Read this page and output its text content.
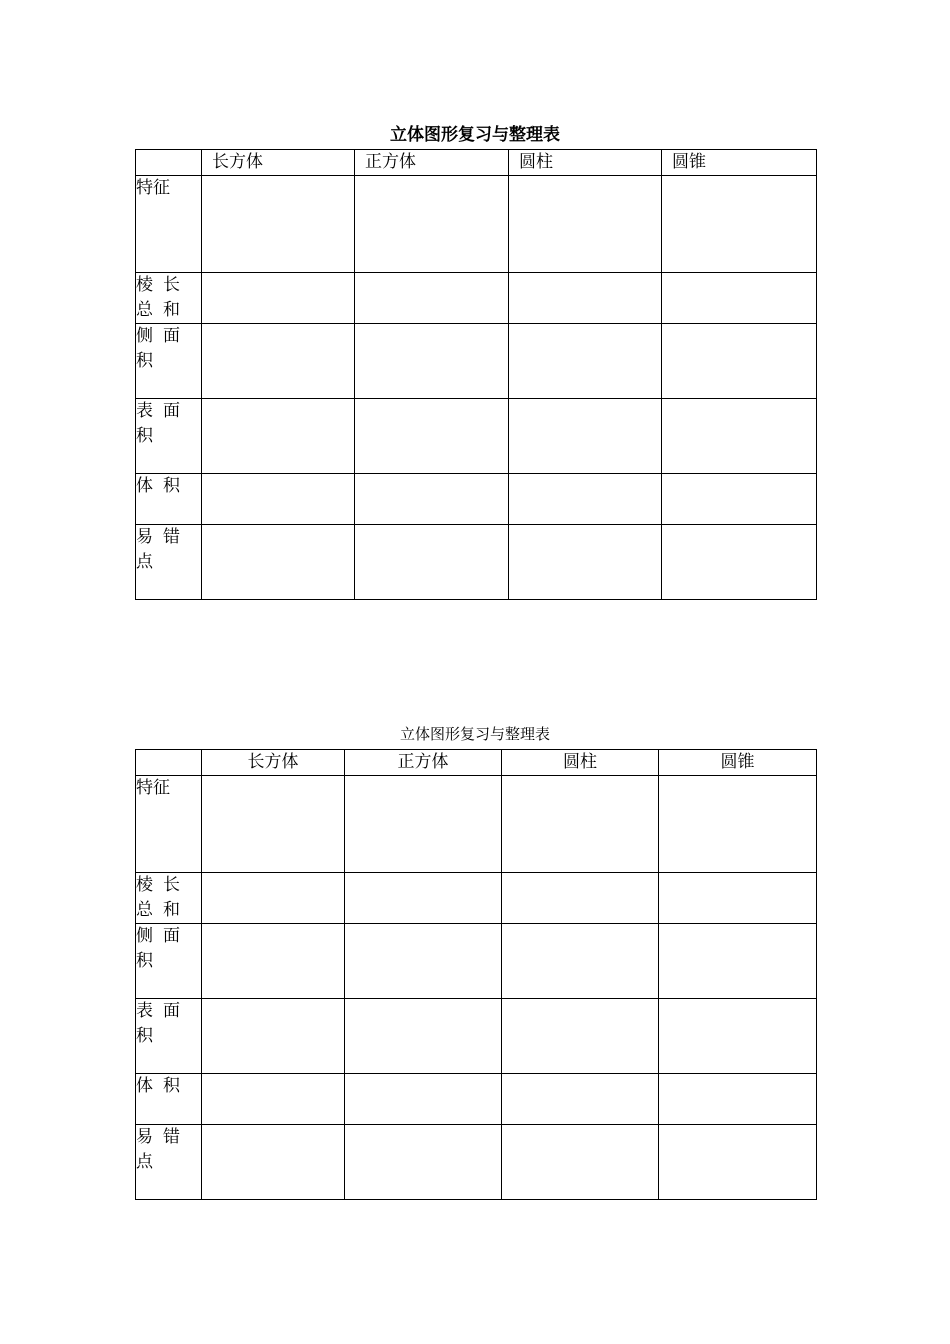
立体图形复习与整理表
	长方体	正方体	圆柱	圆锥
特征				
棱长总和				
侧面积				
表面积				
体积				
易错点				
立体图形复习与整理表
	长方体	正方体	圆柱	圆锥
特征				
棱长总和				
侧面积				
表面积				
体积				
易错点				
